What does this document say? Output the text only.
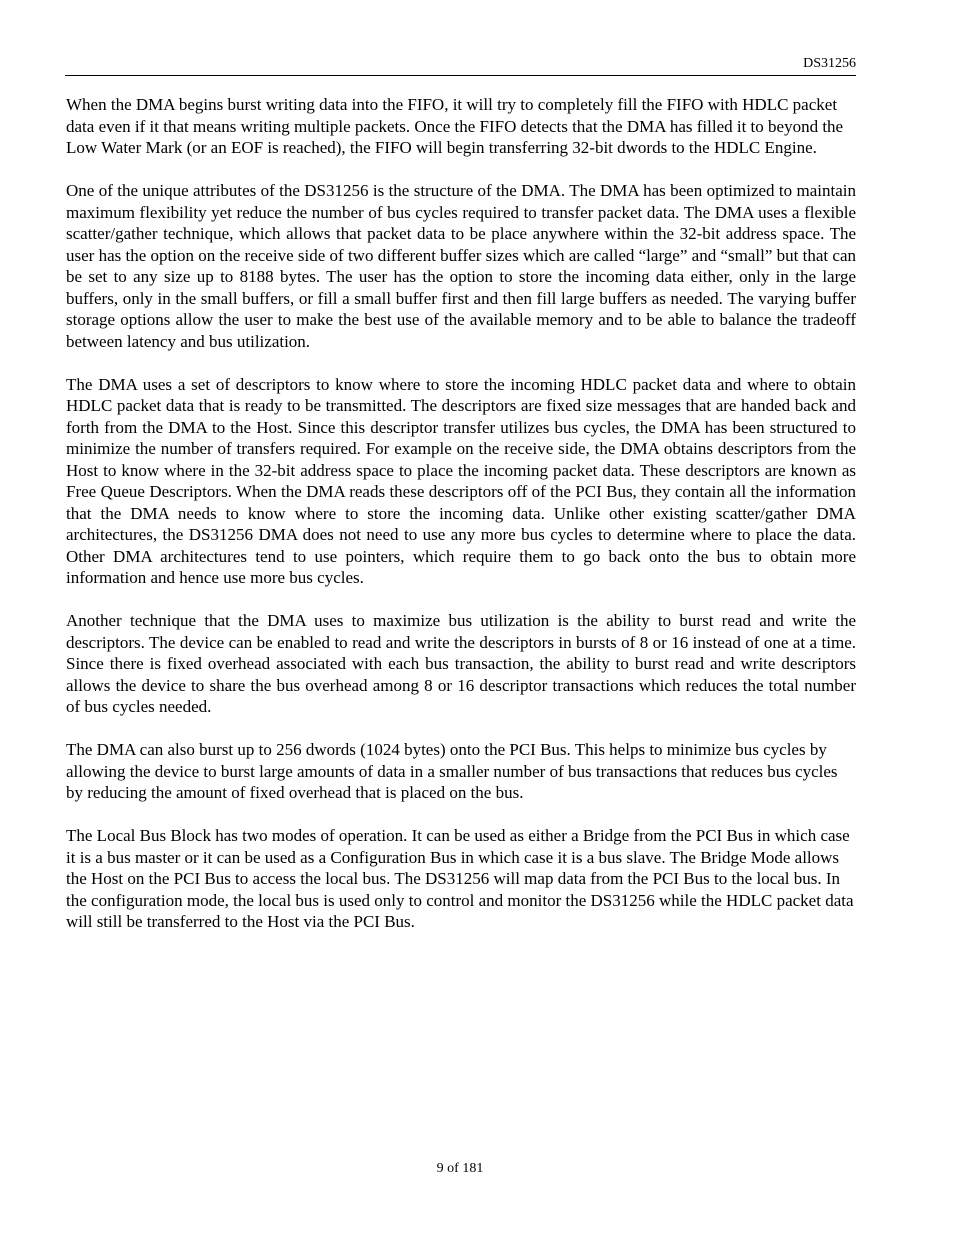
DS31256

When the DMA begins burst writing data into the FIFO, it will try to completely fill the FIFO with HDLC packet data even if it that means writing multiple packets. Once the FIFO detects that the DMA has filled it to beyond the Low Water Mark (or an EOF is reached), the FIFO will begin transferring 32-bit dwords to the HDLC Engine.

One of the unique attributes of the DS31256 is the structure of the DMA. The DMA has been optimized to maintain maximum flexibility yet reduce the number of bus cycles required to transfer packet data. The DMA uses a flexible scatter/gather technique, which allows that packet data to be place anywhere within the 32-bit address space. The user has the option on the receive side of two different buffer sizes which are called “large” and “small” but that can be set to any size up to 8188 bytes. The user has the option to store the incoming data either, only in the large buffers, only in the small buffers, or fill a small buffer first and then fill large buffers as needed. The varying buffer storage options allow the user to make the best use of the available memory and to be able to balance the tradeoff between latency and bus utilization.

The DMA uses a set of descriptors to know where to store the incoming HDLC packet data and where to obtain HDLC packet data that is ready to be transmitted. The descriptors are fixed size messages that are handed back and forth from the DMA to the Host. Since this descriptor transfer utilizes bus cycles, the DMA has been structured to minimize the number of transfers required. For example on the receive side, the DMA obtains descriptors from the Host to know where in the 32-bit address space to place the incoming packet data. These descriptors are known as Free Queue Descriptors. When the DMA reads these descriptors off of the PCI Bus, they contain all the information that the DMA needs to know where to store the incoming data. Unlike other existing scatter/gather DMA architectures, the DS31256 DMA does not need to use any more bus cycles to determine where to place the data. Other DMA architectures tend to use pointers, which require them to go back onto the bus to obtain more information and hence use more bus cycles.

Another technique that the DMA uses to maximize bus utilization is the ability to burst read and write the descriptors. The device can be enabled to read and write the descriptors in bursts of 8 or 16 instead of one at a time. Since there is fixed overhead associated with each bus transaction, the ability to burst read and write descriptors allows the device to share the bus overhead among 8 or 16 descriptor transactions which reduces the total number of bus cycles needed.

The DMA can also burst up to 256 dwords (1024 bytes) onto the PCI Bus. This helps to minimize bus cycles by allowing the device to burst large amounts of data in a smaller number of bus transactions that reduces bus cycles by reducing the amount of fixed overhead that is placed on the bus.

The Local Bus Block has two modes of operation. It can be used as either a Bridge from the PCI Bus in which case it is a bus master or it can be used as a Configuration Bus in which case it is a bus slave. The Bridge Mode allows the Host on the PCI Bus to access the local bus. The DS31256 will map data from the PCI Bus to the local bus. In the configuration mode, the local bus is used only to control and monitor the DS31256 while the HDLC packet data will still be transferred to the Host via the PCI Bus.

9 of 181
